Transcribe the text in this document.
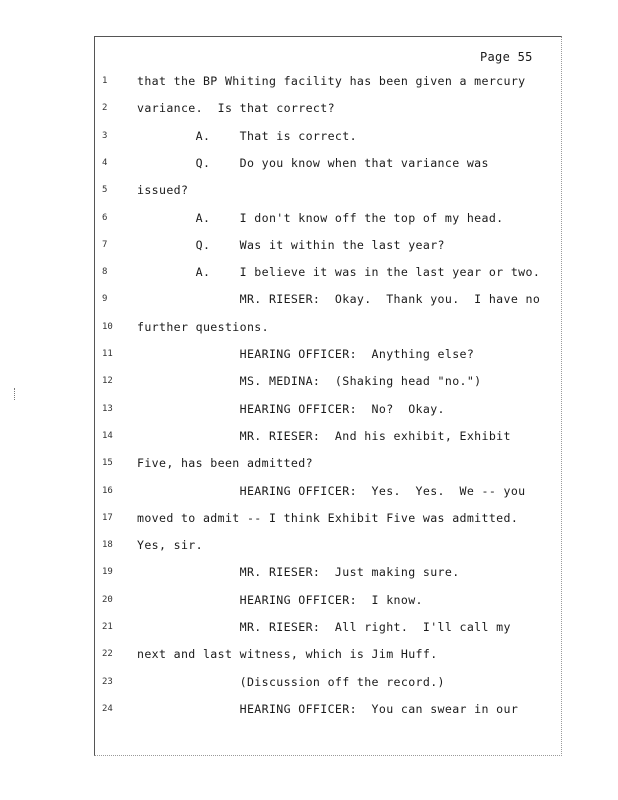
Page 55
1	that the BP Whiting facility has been given a mercury
2	variance.  Is that correct?
3	A.    That is correct.
4	Q.    Do you know when that variance was
5	issued?
6	A.    I don't know off the top of my head.
7	Q.    Was it within the last year?
8	A.    I believe it was in the last year or two.
9	MR. RIESER:  Okay.  Thank you.  I have no
10	further questions.
11	HEARING OFFICER:  Anything else?
12	MS. MEDINA:  (Shaking head "no.")
13	HEARING OFFICER:  No?  Okay.
14	MR. RIESER:  And his exhibit, Exhibit
15	Five, has been admitted?
16	HEARING OFFICER:  Yes.  Yes.  We -- you
17	moved to admit -- I think Exhibit Five was admitted.
18	Yes, sir.
19	MR. RIESER:  Just making sure.
20	HEARING OFFICER:  I know.
21	MR. RIESER:  All right.  I'll call my
22	next and last witness, which is Jim Huff.
23	(Discussion off the record.)
24	HEARING OFFICER:  You can swear in our
